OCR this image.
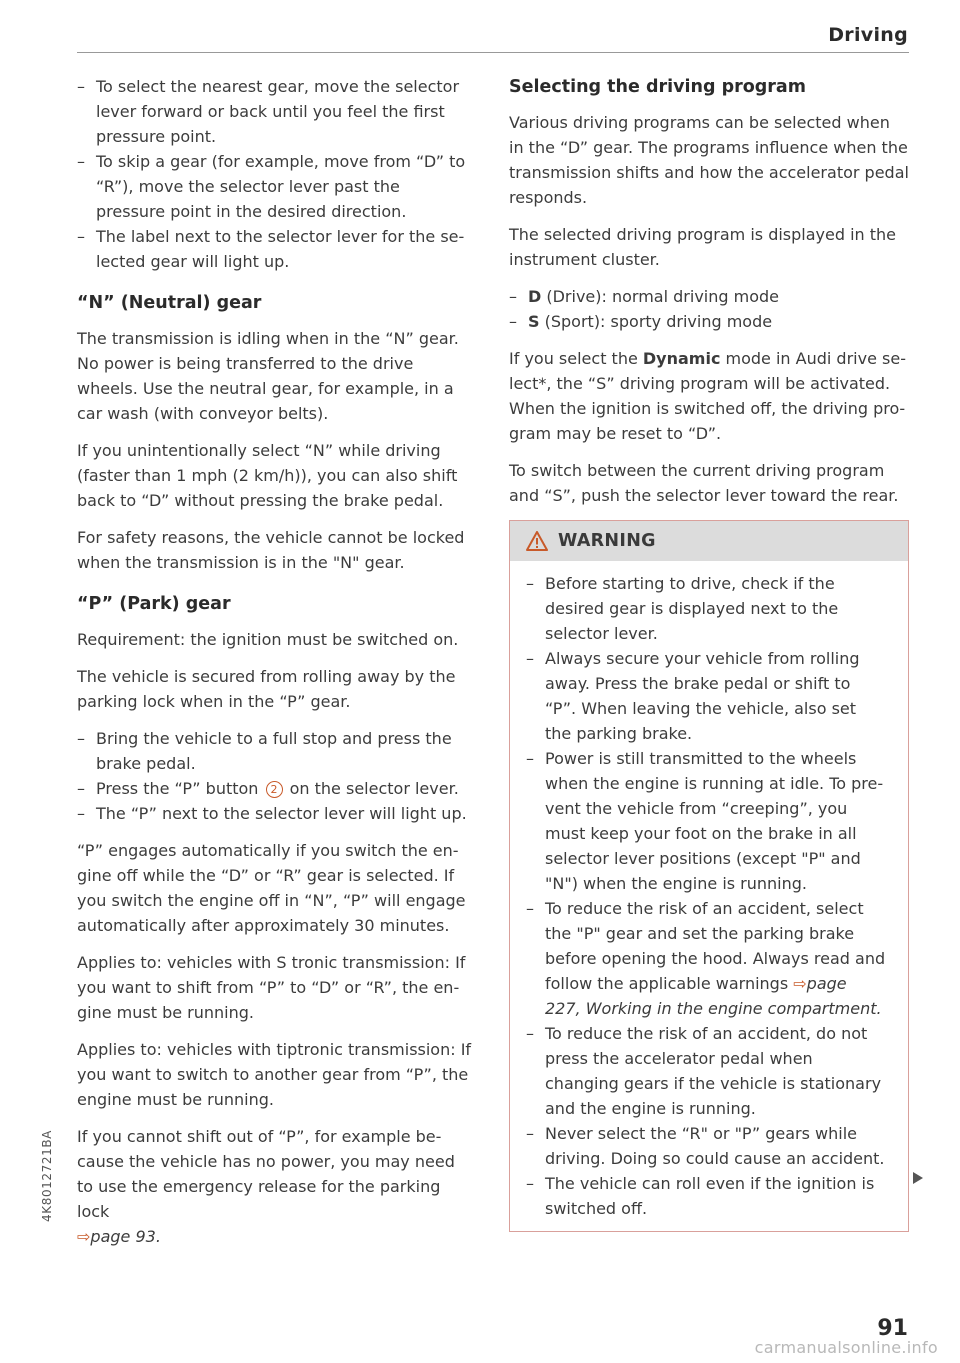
Driving
– To select the nearest gear, move the selector lever forward or back until you feel the first pressure point.
– To skip a gear (for example, move from “D” to “R”), move the selector lever past the pressure point in the desired direction.
– The label next to the selector lever for the selected gear will light up.
“N” (Neutral) gear

The transmission is idling when in the “N” gear. No power is being transferred to the drive wheels. Use the neutral gear, for example, in a car wash (with conveyor belts).

If you unintentionally select “N” while driving (faster than 1 mph (2 km/h)), you can also shift back to “D” without pressing the brake pedal.

For safety reasons, the vehicle cannot be locked when the transmission is in the "N" gear.

“P” (Park) gear

Requirement: the ignition must be switched on.

The vehicle is secured from rolling away by the parking lock when in the “P” gear.

– Bring the vehicle to a full stop and press the brake pedal.
– Press the “P” button 2 on the selector lever.
– The “P” next to the selector lever will light up.

“P” engages automatically if you switch the engine off while the “D” or “R” gear is selected. If you switch the engine off in “N”, “P” will engage automatically after approximately 30 minutes.

Applies to: vehicles with S tronic transmission: If you want to shift from “P” to “D” or “R”, the engine must be running.

Applies to: vehicles with tiptronic transmission: If you want to switch to another gear from “P”, the engine must be running.

If you cannot shift out of “P”, for example because the vehicle has no power, you may need to use the emergency release for the parking lock
⇨page 93.

Selecting the driving program

Various driving programs can be selected when in the “D” gear. The programs influence when the transmission shifts and how the accelerator pedal responds.

The selected driving program is displayed in the instrument cluster.

– D (Drive): normal driving mode
– S (Sport): sporty driving mode

If you select the Dynamic mode in Audi drive select*, the “S” driving program will be activated. When the ignition is switched off, the driving program may be reset to “D”.

To switch between the current driving program and “S”, push the selector lever toward the rear.

WARNING
– Before starting to drive, check if the desired gear is displayed next to the selector lever.
– Always secure your vehicle from rolling away. Press the brake pedal or shift to “P”. When leaving the vehicle, also set the parking brake.
– Power is still transmitted to the wheels when the engine is running at idle. To prevent the vehicle from “creeping”, you must keep your foot on the brake in all selector lever positions (except "P" and "N") when the engine is running.
– To reduce the risk of an accident, select the "P" gear and set the parking brake before opening the hood. Always read and follow the applicable warnings ⇨page 227, Working in the engine compartment.
– To reduce the risk of an accident, do not press the accelerator pedal when changing gears if the vehicle is stationary and the engine is running.
– Never select the “R" or "P” gears while driving. Doing so could cause an accident.
– The vehicle can roll even if the ignition is switched off.
4K8012721BA
91
carmanualsonline.info
